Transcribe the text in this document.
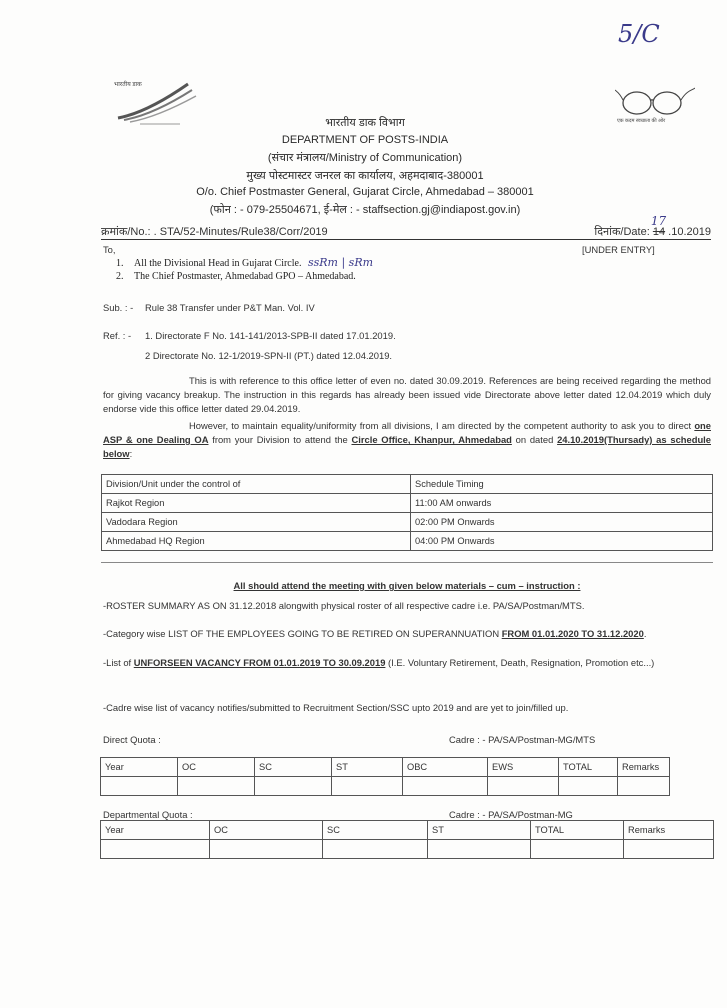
5/C
भारतीय डाक
एक कदम स्वच्छता की ओर
भारतीय डाक विभाग
DEPARTMENT OF POSTS-INDIA
(संचार मंत्रालय/Ministry of Communication)
मुख्य पोस्टमास्टर जनरल का कार्यालय, अहमदाबाद-380001
O/o. Chief Postmaster General, Gujarat Circle, Ahmedabad – 380001
(फोन : - 079-25504671, ई-मेल : - staffsection.gj@indiapost.gov.in)
क्रमांक/No.: . STA/52-Minutes/Rule38/Corr/2019	दिनांक/Date: 14
17
.10.2019
To,	[UNDER ENTRY]
1. All the Divisional Head in Gujarat Circle. ssRm | sRm
2. The Chief Postmaster, Ahmedabad GPO – Ahmedabad.
Sub. : - Rule 38 Transfer under P&T Man. Vol. IV
Ref. : - 1. Directorate F No. 141-141/2013-SPB-II dated 17.01.2019.
2 Directorate No. 12-1/2019-SPN-II (PT.) dated 12.04.2019.
This is with reference to this office letter of even no. dated 30.09.2019. References are being received regarding the method for giving vacancy breakup. The instruction in this regards has already been issued vide Directorate above letter dated 12.04.2019 which duly endorse vide this office letter dated 29.04.2019.
However, to maintain equality/uniformity from all divisions, I am directed by the competent authority to ask you to direct one ASP & one Dealing OA from your Division to attend the Circle Office, Khanpur, Ahmedabad on dated 24.10.2019(Thursady) as schedule below:
Division/Unit under the control of	Schedule Timing
Rajkot Region	11:00 AM onwards
Vadodara Region	02:00 PM Onwards
Ahmedabad HQ Region	04:00 PM Onwards
All should attend the meeting with given below materials – cum – instruction :
-ROSTER SUMMARY AS ON 31.12.2018 alongwith physical roster of all respective cadre i.e. PA/SA/Postman/MTS.
-Category wise LIST OF THE EMPLOYEES GOING TO BE RETIRED ON SUPERANNUATION FROM 01.01.2020 TO 31.12.2020.
-List of UNFORSEEN VACANCY FROM 01.01.2019 TO 30.09.2019 (I.E. Voluntary Retirement, Death, Resignation, Promotion etc...)
-Cadre wise list of vacancy notifies/submitted to Recruitment Section/SSC upto 2019 and are yet to join/filled up.
Direct Quota :	Cadre : - PA/SA/Postman-MG/MTS
Year	OC	SC	ST	OBC	EWS	TOTAL	Remarks

Departmental Quota :	Cadre : - PA/SA/Postman-MG
Year	OC	SC	ST	TOTAL	Remarks
